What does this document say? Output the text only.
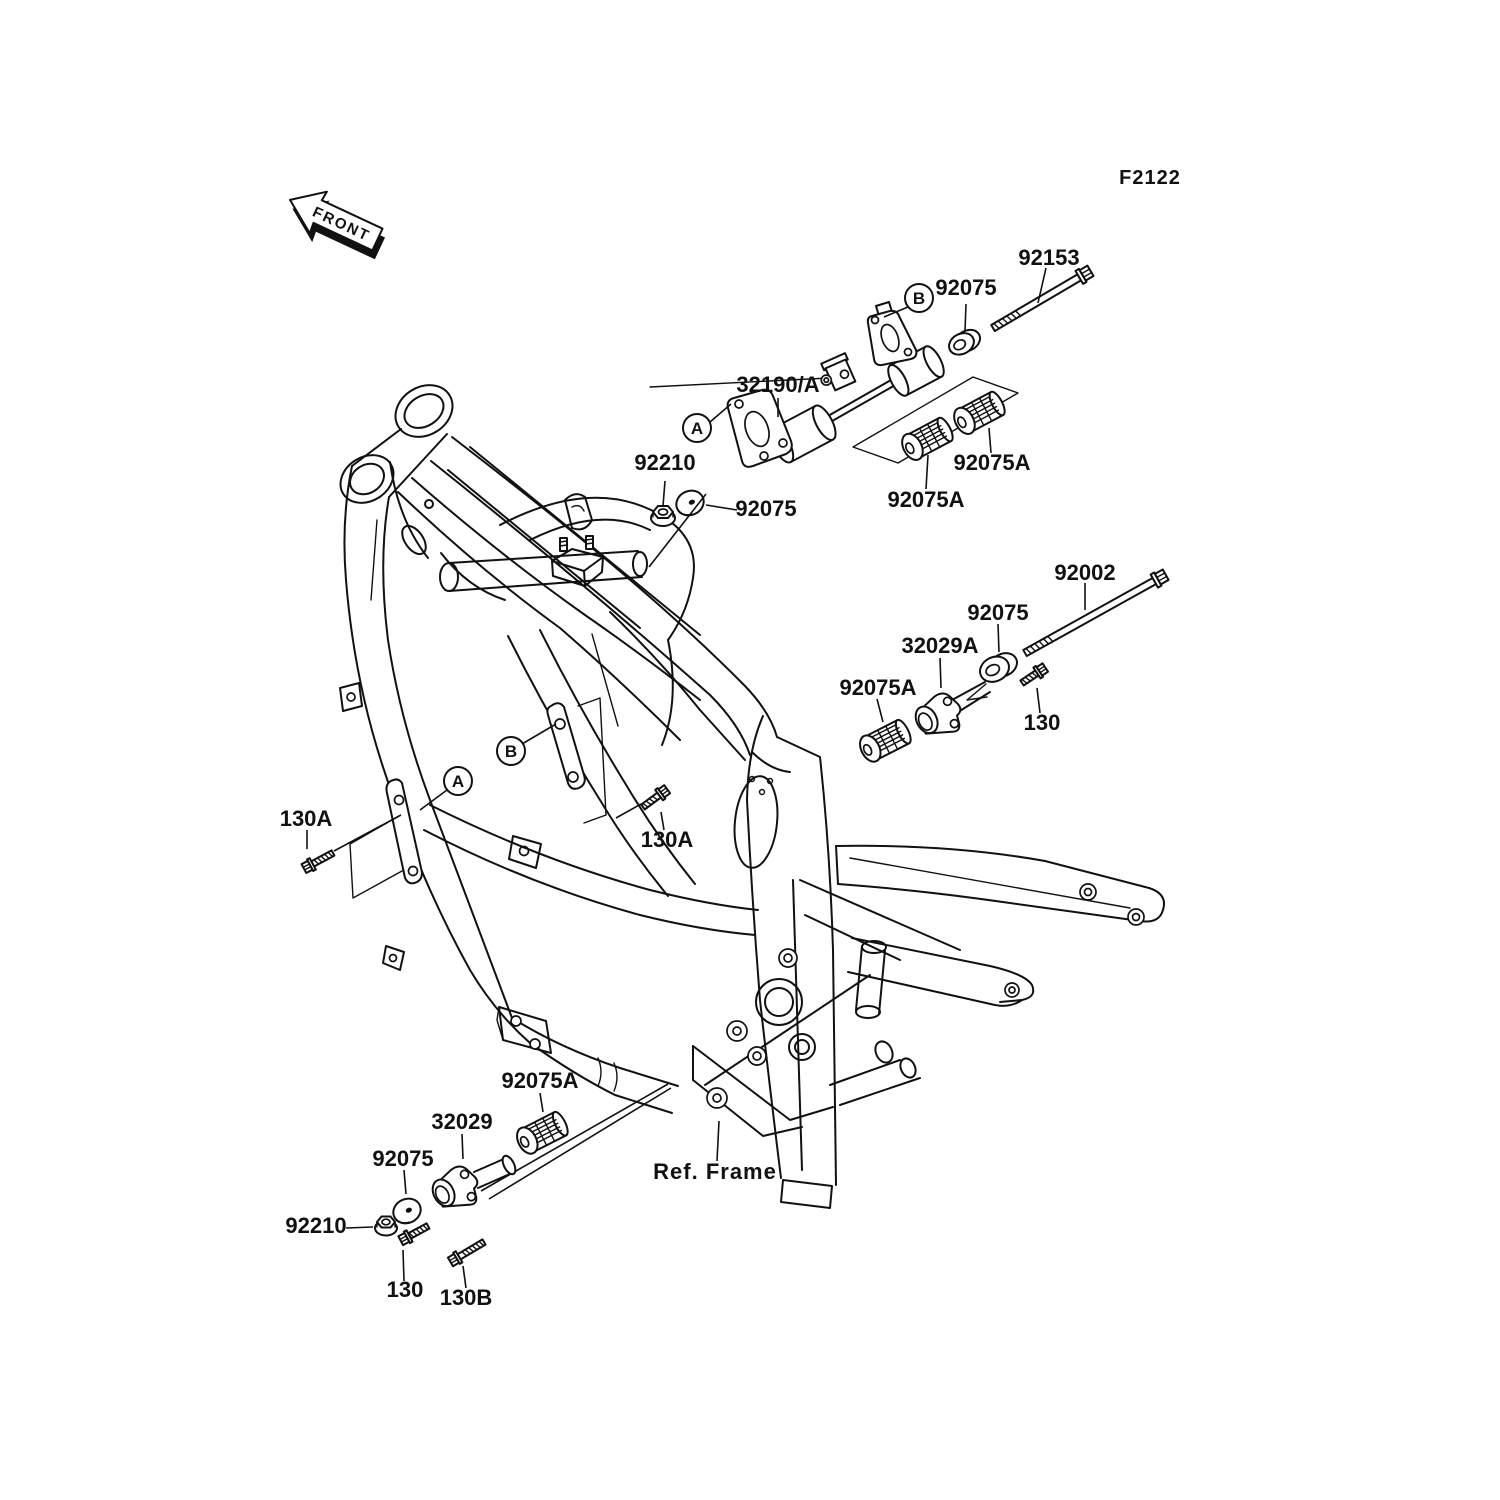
A
B
B
A
92153
92075
32190/A
92210
92075	92075A
92075A
92002
92075
32029A
92075A
130
130A
130A
92075A
32029
92075
92210
130 130B
F2122
Ref. Frame
FRONT
